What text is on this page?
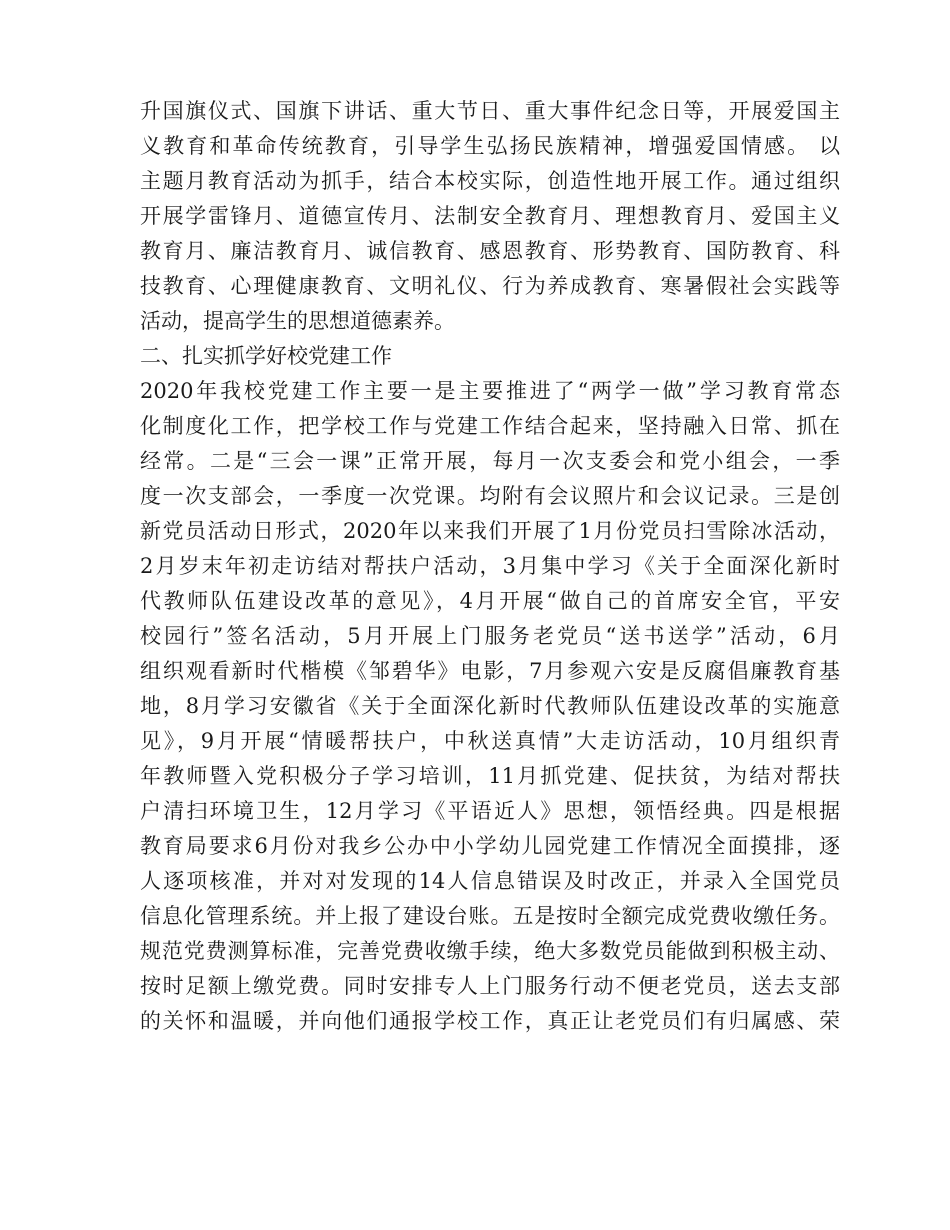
升国旗仪式、国旗下讲话、重大节日、重大事件纪念日等，开展爱国主
义教育和革命传统教育，引导学生弘扬民族精神，增强爱国情感。 以
主题月教育活动为抓手，结合本校实际，创造性地开展工作。通过组织
开展学雷锋月、道德宣传月、法制安全教育月、理想教育月、爱国主义
教育月、廉洁教育月、诚信教育、感恩教育、形势教育、国防教育、科
技教育、心理健康教育、文明礼仪、行为养成教育、寒暑假社会实践等
活动，提高学生的思想道德素养。
二、扎实抓学好校党建工作
2020年我校党建工作主要一是主要推进了“两学一做”学习教育常态
化制度化工作，把学校工作与党建工作结合起来，坚持融入日常、抓在
经常。二是“三会一课”正常开展，每月一次支委会和党小组会，一季
度一次支部会，一季度一次党课。均附有会议照片和会议记录。三是创
新党员活动日形式，2020年以来我们开展了1月份党员扫雪除冰活动，
2月岁末年初走访结对帮扶户活动，3月集中学习《关于全面深化新时
代教师队伍建设改革的意见》，4月开展“做自己的首席安全官，平安
校园行”签名活动，5月开展上门服务老党员“送书送学”活动，6月
组织观看新时代楷模《邹碧华》电影，7月参观六安是反腐倡廉教育基
地，8月学习安徽省《关于全面深化新时代教师队伍建设改革的实施意
见》，9月开展“情暖帮扶户，中秋送真情”大走访活动，10月组织青
年教师暨入党积极分子学习培训，11月抓党建、促扶贫，为结对帮扶
户清扫环境卫生，12月学习《平语近人》思想，领悟经典。四是根据
教育局要求6月份对我乡公办中小学幼儿园党建工作情况全面摸排，逐
人逐项核准，并对对发现的14人信息错误及时改正，并录入全国党员
信息化管理系统。并上报了建设台账。五是按时全额完成党费收缴任务。
规范党费测算标准，完善党费收缴手续，绝大多数党员能做到积极主动、
按时足额上缴党费。同时安排专人上门服务行动不便老党员，送去支部
的关怀和温暖，并向他们通报学校工作，真正让老党员们有归属感、荣
